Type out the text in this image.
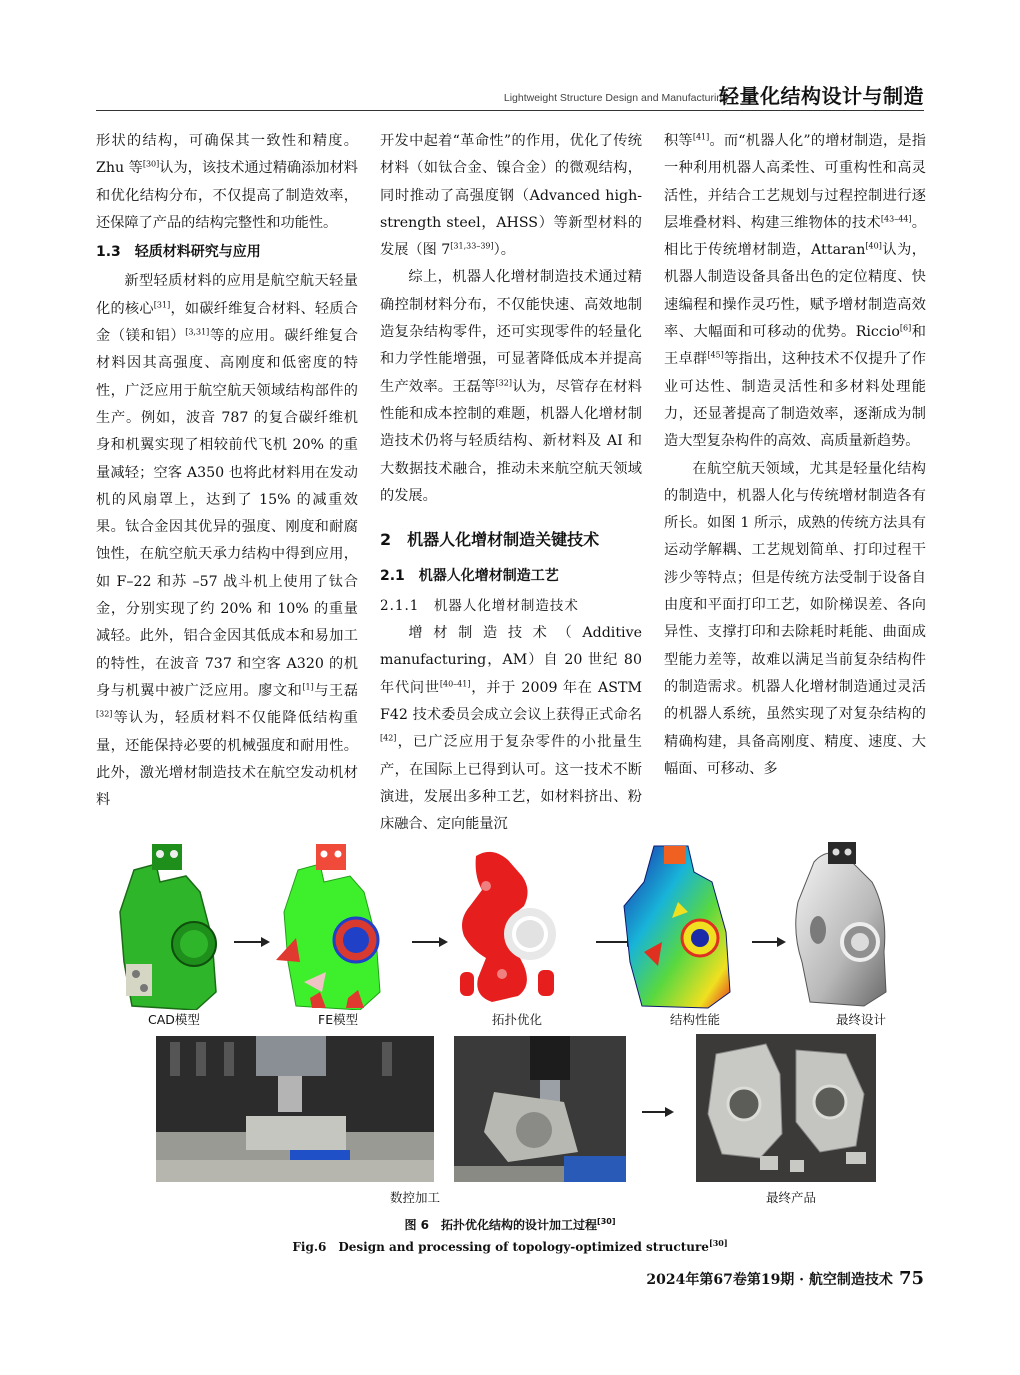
Lightweight Structure Design and Manufacturing
轻量化结构设计与制造

形状的结构，可确保其一致性和精度。Zhu 等[30]认为，该技术通过精确添加材料和优化结构分布，不仅提高了制造效率，还保障了产品的结构完整性和功能性。

1.3　轻质材料研究与应用

新型轻质材料的应用是航空航天轻量化的核心[31]，如碳纤维复合材料、轻质合金（镁和铝）[3,31]等的应用。碳纤维复合材料因其高强度、高刚度和低密度的特性，广泛应用于航空航天领域结构部件的生产。例如，波音 787 的复合碳纤维机身和机翼实现了相较前代飞机 20% 的重量减轻；空客 A350 也将此材料用在发动机的风扇罩上，达到了 15% 的减重效果。钛合金因其优异的强度、刚度和耐腐蚀性，在航空航天承力结构中得到应用，如 F–22 和苏 –57 战斗机上使用了钛合金，分别实现了约 20% 和 10% 的重量减轻。此外，铝合金因其低成本和易加工的特性，在波音 737 和空客 A320 的机身与机翼中被广泛应用。廖文和[1]与王磊[32]等认为，轻质材料不仅能降低结构重量，还能保持必要的机械强度和耐用性。此外，激光增材制造技术在航空发动机材料

开发中起着“革命性”的作用，优化了传统材料（如钛合金、镍合金）的微观结构，同时推动了高强度钢（Advanced high-strength steel，AHSS）等新型材料的发展（图 7[31,33–39]）。

综上，机器人化增材制造技术通过精确控制材料分布，不仅能快速、高效地制造复杂结构零件，还可实现零件的轻量化和力学性能增强，可显著降低成本并提高生产效率。王磊等[32]认为，尽管存在材料性能和成本控制的难题，机器人化增材制造技术仍将与轻质结构、新材料及 AI 和大数据技术融合，推动未来航空航天领域的发展。

2　机器人化增材制造关键技术
2.1　机器人化增材制造工艺
2.1.1　机器人化增材制造技术

增材制造技术（Additive manufacturing，AM）自 20 世纪 80 年代问世[40–41]，并于 2009 年在 ASTM F42 技术委员会成立会议上获得正式命名[42]，已广泛应用于复杂零件的小批量生产，在国际上已得到认可。这一技术不断演进，发展出多种工艺，如材料挤出、粉床融合、定向能量沉

积等[41]。而“机器人化”的增材制造，是指一种利用机器人高柔性、可重构性和高灵活性，并结合工艺规划与过程控制进行逐层堆叠材料、构建三维物体的技术[43–44]。相比于传统增材制造，Attaran[40]认为，机器人制造设备具备出色的定位精度、快速编程和操作灵巧性，赋予增材制造高效率、大幅面和可移动的优势。Riccio[6]和王卓群[45]等指出，这种技术不仅提升了作业可达性、制造灵活性和多材料处理能力，还显著提高了制造效率，逐渐成为制造大型复杂构件的高效、高质量新趋势。

在航空航天领域，尤其是轻量化结构的制造中，机器人化与传统增材制造各有所长。如图 1 所示，成熟的传统方法具有运动学解耦、工艺规划简单、打印过程干涉少等特点；但是传统方法受制于设备自由度和平面打印工艺，如阶梯误差、各向异性、支撑打印和去除耗时耗能、曲面成型能力差等，故难以满足当前复杂结构件的制造需求。机器人化增材制造通过灵活的机器人系统，虽然实现了对复杂结构的精确构建，具备高刚度、精度、速度、大幅面、可移动、多

CAD模型	FE模型	拓扑优化	结构性能	最终设计
数控加工	最终产品
图 6　拓扑优化结构的设计加工过程[30]
Fig.6　Design and processing of topology-optimized structure[30]
2024年第67卷第19期 · 航空制造技术 75
